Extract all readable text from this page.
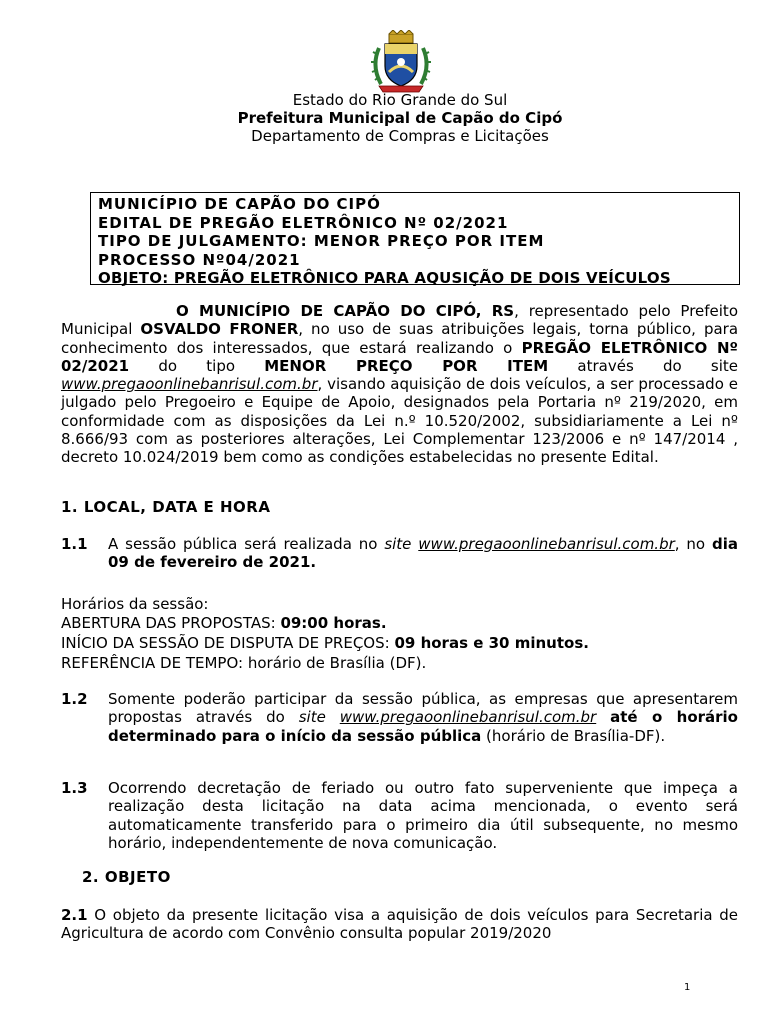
Estado do Rio Grande do Sul
Prefeitura Municipal de Capão do Cipó
Departamento de Compras e Licitações
MUNICÍPIO DE CAPÃO DO CIPÓ
EDITAL DE PREGÃO ELETRÔNICO Nº 02/2021
TIPO DE JULGAMENTO: MENOR PREÇO POR ITEM
PROCESSO Nº04/2021
OBJETO: PREGÃO ELETRÔNICO PARA AQUSIÇÃO DE DOIS VEÍCULOS
O MUNICÍPIO DE CAPÃO DO CIPÓ, RS, representado pelo Prefeito Municipal OSVALDO FRONER, no uso de suas atribuições legais, torna público, para conhecimento dos interessados, que estará realizando o PREGÃO ELETRÔNICO Nº 02/2021 do tipo MENOR PREÇO POR ITEM através do site www.pregaoonlinebanrisul.com.br, visando aquisição de dois veículos, a ser processado e julgado pelo Pregoeiro e Equipe de Apoio, designados pela Portaria nº 219/2020, em conformidade com as disposições da Lei n.º 10.520/2002, subsidiariamente a Lei nº 8.666/93 com as posteriores alterações, Lei Complementar 123/2006 e nº 147/2014 , decreto 10.024/2019 bem como as condições estabelecidas no presente Edital.
1. LOCAL, DATA E HORA
1.1 A sessão pública será realizada no site www.pregaoonlinebanrisul.com.br, no dia 09 de fevereiro de 2021.
Horários da sessão:
ABERTURA DAS PROPOSTAS: 09:00 horas.
INÍCIO DA SESSÃO DE DISPUTA DE PREÇOS: 09 horas e 30 minutos.
REFERÊNCIA DE TEMPO: horário de Brasília (DF).
1.2 Somente poderão participar da sessão pública, as empresas que apresentarem propostas através do site www.pregaoonlinebanrisul.com.br até o horário determinado para o início da sessão pública (horário de Brasília-DF).
1.3 Ocorrendo decretação de feriado ou outro fato superveniente que impeça a realização desta licitação na data acima mencionada, o evento será automaticamente transferido para o primeiro dia útil subsequente, no mesmo horário, independentemente de nova comunicação.
2. OBJETO
2.1 O objeto da presente licitação visa a aquisição de dois veículos para Secretaria de Agricultura de acordo com Convênio consulta popular 2019/2020
1
